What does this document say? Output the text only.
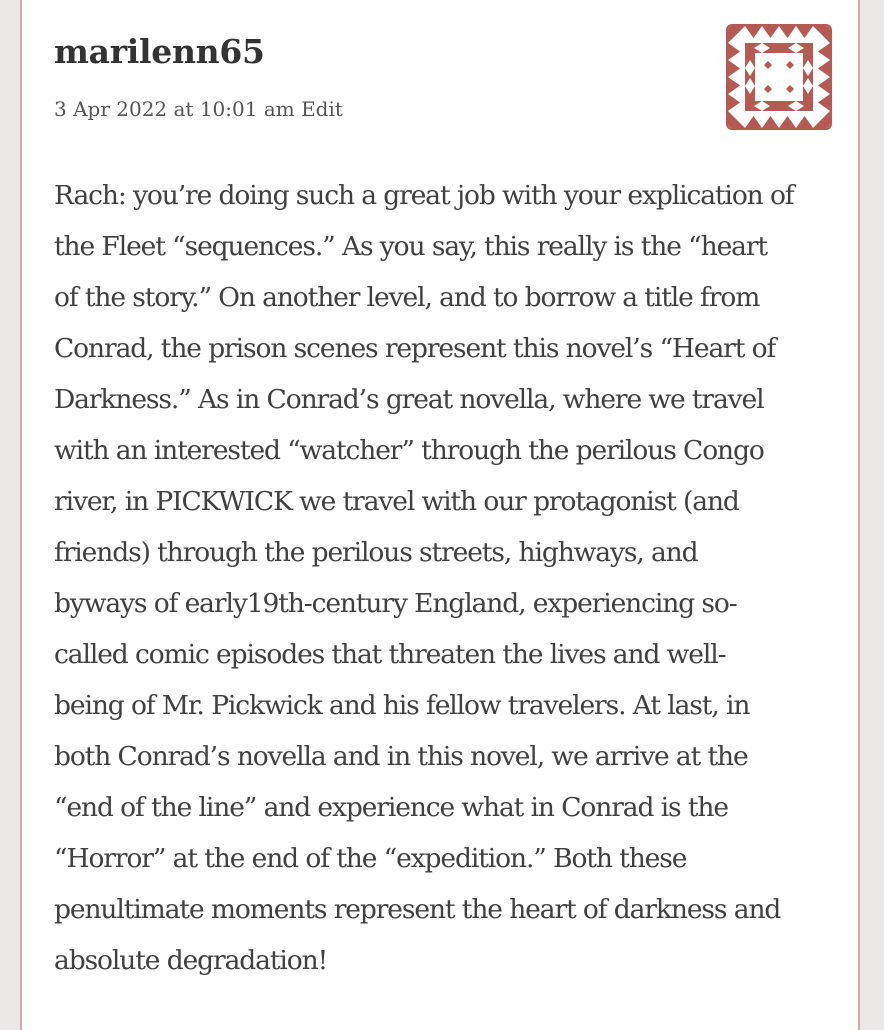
marilenn65
3 Apr 2022 at 10:01 am Edit

Rach: you’re doing such a great job with your explication of
the Fleet “sequences.” As you say, this really is the “heart
of the story.” On another level, and to borrow a title from
Conrad, the prison scenes represent this novel’s “Heart of
Darkness.” As in Conrad’s great novella, where we travel
with an interested “watcher” through the perilous Congo
river, in PICKWICK we travel with our protagonist (and
friends) through the perilous streets, highways, and
byways of early19th-century England, experiencing so-
called comic episodes that threaten the lives and well-
being of Mr. Pickwick and his fellow travelers. At last, in
both Conrad’s novella and in this novel, we arrive at the
“end of the line” and experience what in Conrad is the
“Horror” at the end of the “expedition.” Both these
penultimate moments represent the heart of darkness and
absolute degradation!
